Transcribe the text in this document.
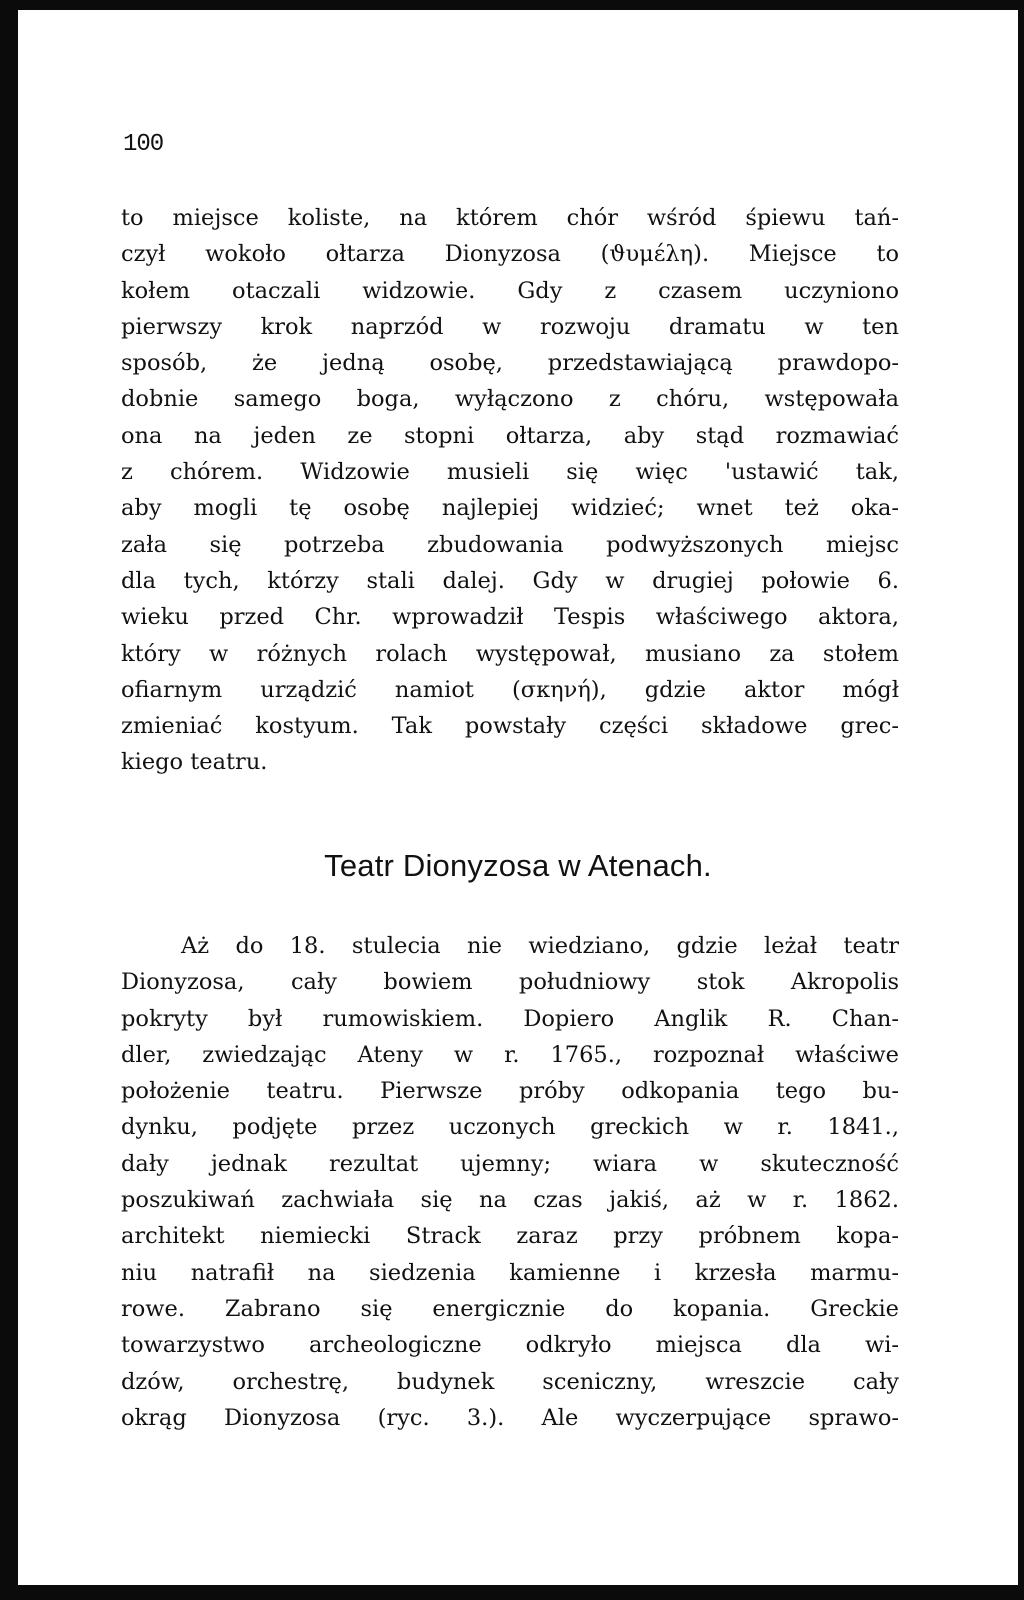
100
to miejsce koliste, na którem chór wśród śpiewu tań-
czył wokoło ołtarza Dionyzosa (ϑυμέλη). Miejsce to
kołem otaczali widzowie. Gdy z czasem uczyniono
pierwszy krok naprzód w rozwoju dramatu w ten
sposób, że jedną osobę, przedstawiającą prawdopo-
dobnie samego boga, wyłączono z chóru, wstępowała
ona na jeden ze stopni ołtarza, aby stąd rozmawiać
z chórem. Widzowie musieli się więc 'ustawić tak,
aby mogli tę osobę najlepiej widzieć; wnet też oka-
zała się potrzeba zbudowania podwyższonych miejsc
dla tych, którzy stali dalej. Gdy w drugiej połowie 6.
wieku przed Chr. wprowadził Tespis właściwego aktora,
który w różnych rolach występował, musiano za stołem
ofiarnym urządzić namiot (σκηνή), gdzie aktor mógł
zmieniać kostyum. Tak powstały części składowe grec-
kiego teatru.
Teatr Dionyzosa w Atenach.
Aż do 18. stulecia nie wiedziano, gdzie leżał teatr
Dionyzosa, cały bowiem południowy stok Akropolis
pokryty był rumowiskiem. Dopiero Anglik R. Chan-
dler, zwiedzając Ateny w r. 1765., rozpoznał właściwe
położenie teatru. Pierwsze próby odkopania tego bu-
dynku, podjęte przez uczonych greckich w r. 1841.,
dały jednak rezultat ujemny; wiara w skuteczność
poszukiwań zachwiała się na czas jakiś, aż w r. 1862.
architekt niemiecki Strack zaraz przy próbnem kopa-
niu natrafił na siedzenia kamienne i krzesła marmu-
rowe. Zabrano się energicznie do kopania. Greckie
towarzystwo archeologiczne odkryło miejsca dla wi-
dzów, orchestrę, budynek sceniczny, wreszcie cały
okrąg Dionyzosa (ryc. 3.). Ale wyczerpujące sprawo-
